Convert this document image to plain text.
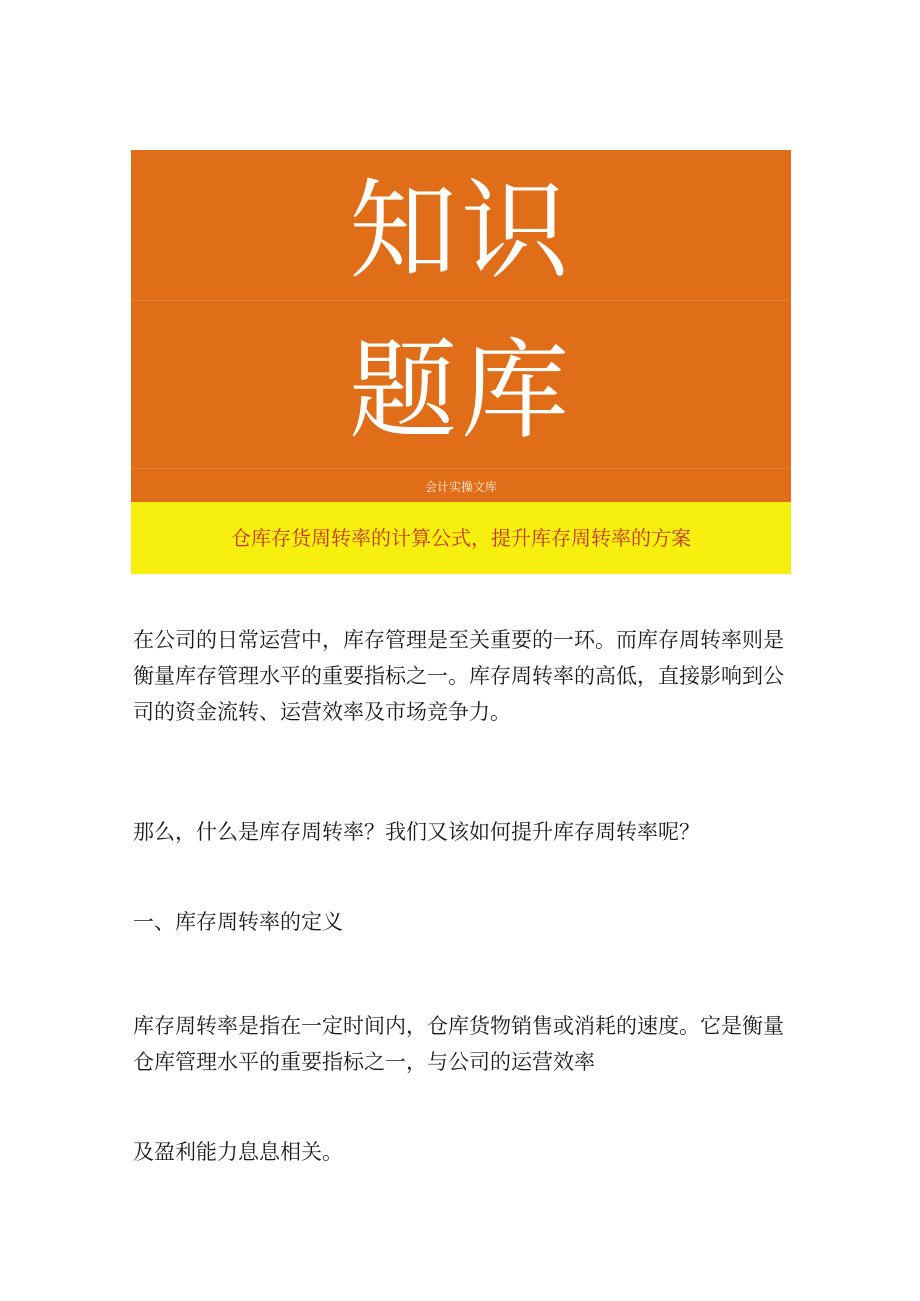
知识
题库
会计实操文库
仓库存货周转率的计算公式，提升库存周转率的方案

在公司的日常运营中，库存管理是至关重要的一环。而库存周转率则是衡量库存管理水平的重要指标之一。库存周转率的高低，直接影响到公司的资金流转、运营效率及市场竞争力。

那么，什么是库存周转率？我们又该如何提升库存周转率呢？

一、库存周转率的定义

库存周转率是指在一定时间内，仓库货物销售或消耗的速度。它是衡量仓库管理水平的重要指标之一，与公司的运营效率

及盈利能力息息相关。
